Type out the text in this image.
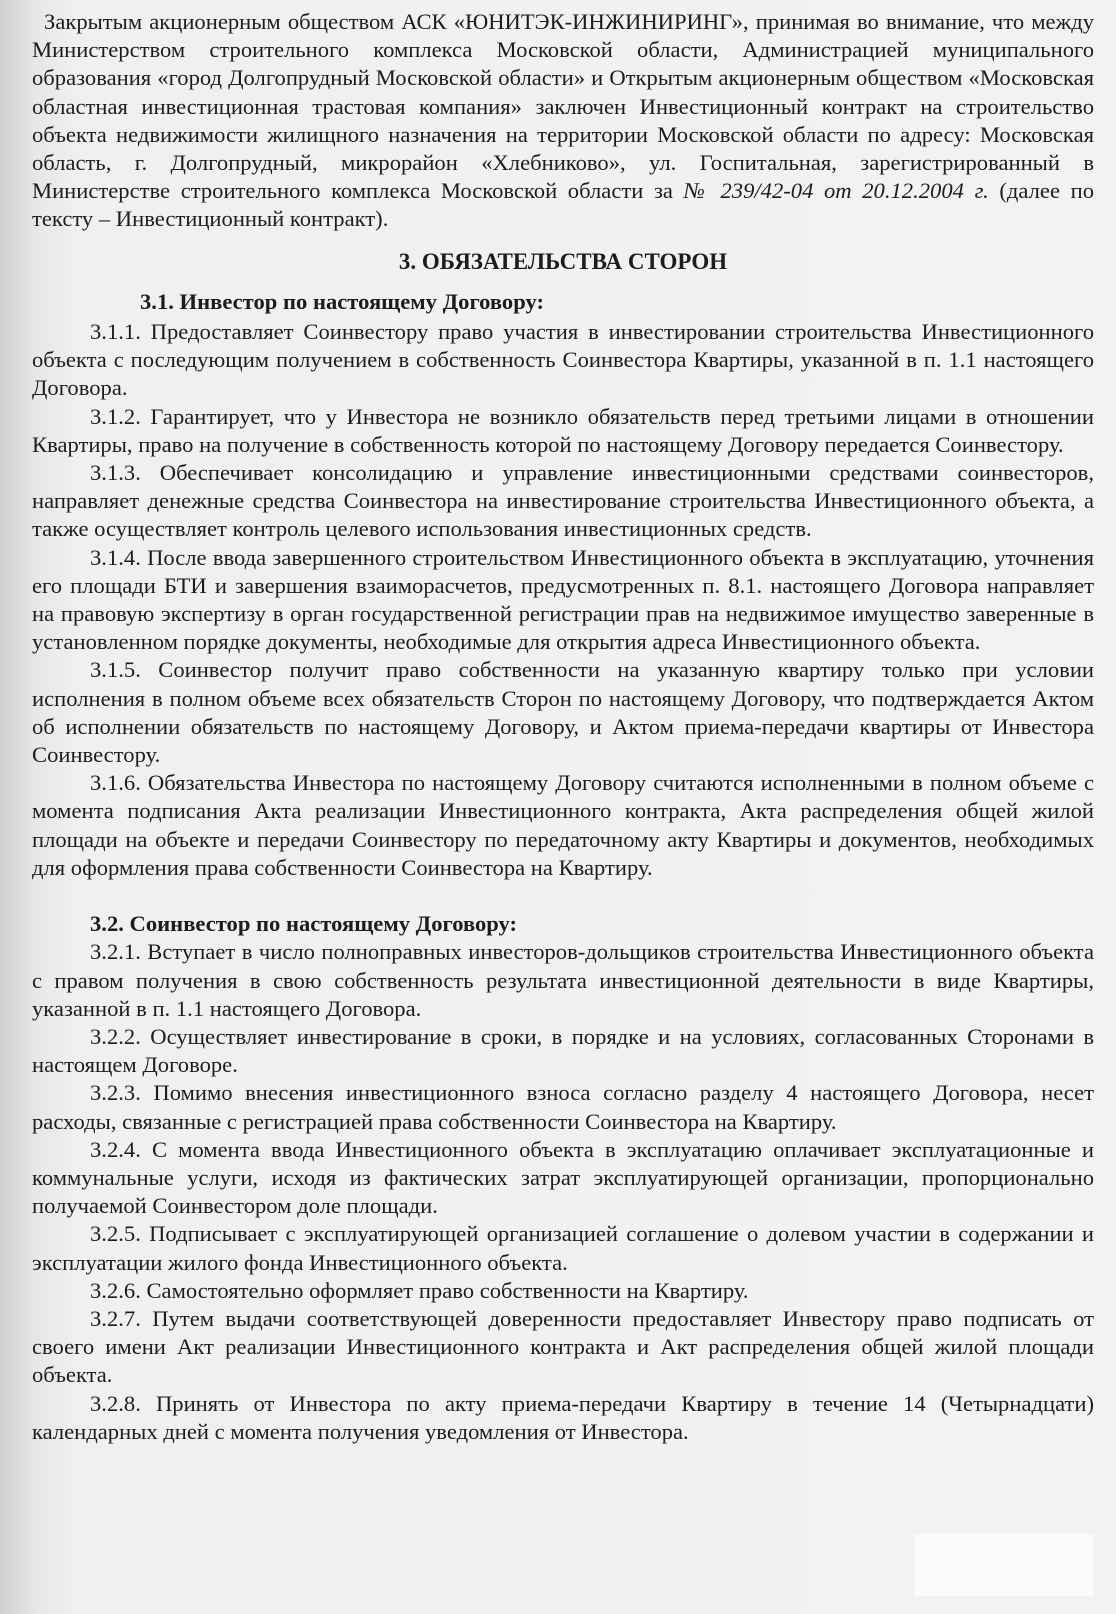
Закрытым акционерным обществом АСК «ЮНИТЭК-ИНЖИНИРИНГ», принимая во внимание, что между Министерством строительного комплекса Московской области, Администрацией муниципального образования «город Долгопрудный Московской области» и Открытым акционерным обществом «Московская областная инвестиционная трастовая компания» заключен Инвестиционный контракт на строительство объекта недвижимости жилищного назначения на территории Московской области по адресу: Московская область, г. Долгопрудный, микрорайон «Хлебниково», ул. Госпитальная, зарегистрированный в Министерстве строительного комплекса Московской области за № 239/42-04 от 20.12.2004 г. (далее по тексту – Инвестиционный контракт).

3. ОБЯЗАТЕЛЬСТВА СТОРОН
3.1. Инвестор по настоящему Договору:

3.1.1. Предоставляет Соинвестору право участия в инвестировании строительства Инвестиционного объекта с последующим получением в собственность Соинвестора Квартиры, указанной в п. 1.1 настоящего Договора.

3.1.2. Гарантирует, что у Инвестора не возникло обязательств перед третьими лицами в отношении Квартиры, право на получение в собственность которой по настоящему Договору передается Соинвестору.

3.1.3. Обеспечивает консолидацию и управление инвестиционными средствами соинвесторов, направляет денежные средства Соинвестора на инвестирование строительства Инвестиционного объекта, а также осуществляет контроль целевого использования инвестиционных средств.

3.1.4. После ввода завершенного строительством Инвестиционного объекта в эксплуатацию, уточнения его площади БТИ и завершения взаиморасчетов, предусмотренных п. 8.1. настоящего Договора направляет на правовую экспертизу в орган государственной регистрации прав на недвижимое имущество заверенные в установленном порядке документы, необходимые для открытия адреса Инвестиционного объекта.

3.1.5. Соинвестор получит право собственности на указанную квартиру только при условии исполнения в полном объеме всех обязательств Сторон по настоящему Договору, что подтверждается Актом об исполнении обязательств по настоящему Договору, и Актом приема-передачи квартиры от Инвестора Соинвестору.

3.1.6. Обязательства Инвестора по настоящему Договору считаются исполненными в полном объеме с момента подписания Акта реализации Инвестиционного контракта, Акта распределения общей жилой площади на объекте и передачи Соинвестору по передаточному акту Квартиры и документов, необходимых для оформления права собственности Соинвестора на Квартиру.

3.2. Соинвестор по настоящему Договору:

3.2.1. Вступает в число полноправных инвесторов-дольщиков строительства Инвестиционного объекта с правом получения в свою собственность результата инвестиционной деятельности в виде Квартиры, указанной в п. 1.1 настоящего Договора.

3.2.2. Осуществляет инвестирование в сроки, в порядке и на условиях, согласованных Сторонами в настоящем Договоре.

3.2.3. Помимо внесения инвестиционного взноса согласно разделу 4 настоящего Договора, несет расходы, связанные с регистрацией права собственности Соинвестора на Квартиру.

3.2.4. С момента ввода Инвестиционного объекта в эксплуатацию оплачивает эксплуатационные и коммунальные услуги, исходя из фактических затрат эксплуатирующей организации, пропорционально получаемой Соинвестором доле площади.

3.2.5. Подписывает с эксплуатирующей организацией соглашение о долевом участии в содержании и эксплуатации жилого фонда Инвестиционного объекта.

3.2.6. Самостоятельно оформляет право собственности на Квартиру.

3.2.7. Путем выдачи соответствующей доверенности предоставляет Инвестору право подписать от своего имени Акт реализации Инвестиционного контракта и Акт распределения общей жилой площади объекта.

3.2.8. Принять от Инвестора по акту приема-передачи Квартиру в течение 14 (Четырнадцати) календарных дней с момента получения уведомления от Инвестора.
